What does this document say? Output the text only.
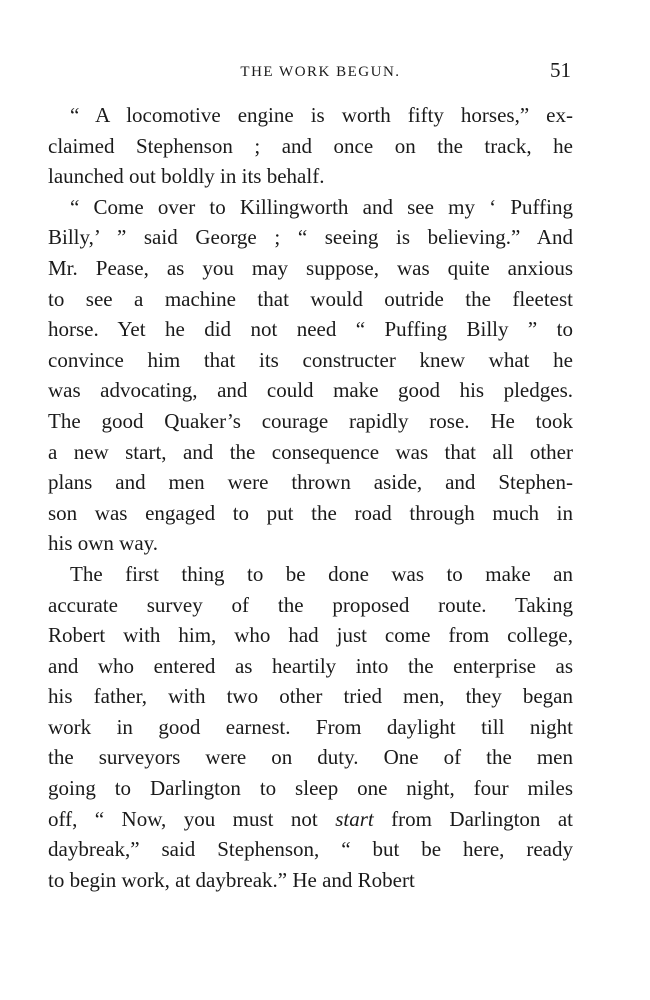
THE WORK BEGUN.	51

“ A locomotive engine is worth fifty horses,” ex-
claimed Stephenson ; and once on the track, he
launched out boldly in its behalf.

“ Come over to Killingworth and see my ‘ Puffing
Billy,’ ” said George ; “ seeing is believing.” And
Mr. Pease, as you may suppose, was quite anxious
to see a machine that would outride the fleetest
horse. Yet he did not need “ Puffing Billy ” to
convince him that its constructer knew what he
was advocating, and could make good his pledges.
The good Quaker’s courage rapidly rose. He took
a new start, and the consequence was that all other
plans and men were thrown aside, and Stephen-
son was engaged to put the road through much in
his own way.

The first thing to be done was to make an
accurate survey of the proposed route. Taking
Robert with him, who had just come from college,
and who entered as heartily into the enterprise as
his father, with two other tried men, they began
work in good earnest. From daylight till night
the surveyors were on duty. One of the men
going to Darlington to sleep one night, four miles
off, “ Now, you must not start from Darlington at
daybreak,” said Stephenson, “ but be here, ready
to begin work, at daybreak.” He and Robert
